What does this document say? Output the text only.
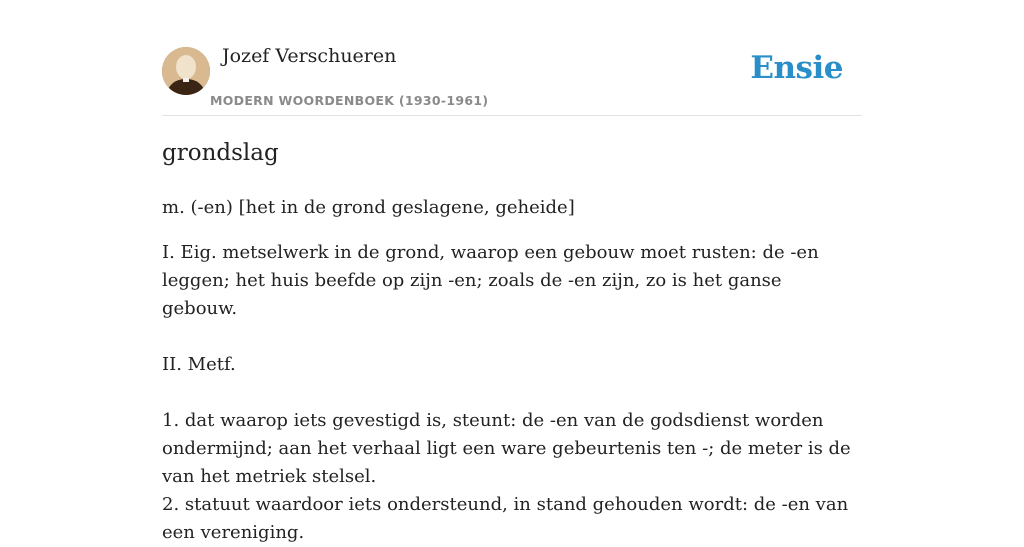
Jozef Verschueren
MODERN WOORDENBOEK (1930-1961)
Ensie
grondslag
m. (-en) [het in de grond geslagene, geheide]

I. Eig. metselwerk in de grond, waarop een gebouw moet rusten: de -en leggen; het huis beefde op zijn -en; zoals de -en zijn, zo is het ganse gebouw.

II. Metf.

1. dat waarop iets gevestigd is, steunt: de -en van de godsdienst worden ondermijnd; aan het verhaal ligt een ware gebeurtenis ten -; de meter is de van het metriek stelsel.

2. statuut waardoor iets ondersteund, in stand gehouden wordt: de -en van een vereniging.
